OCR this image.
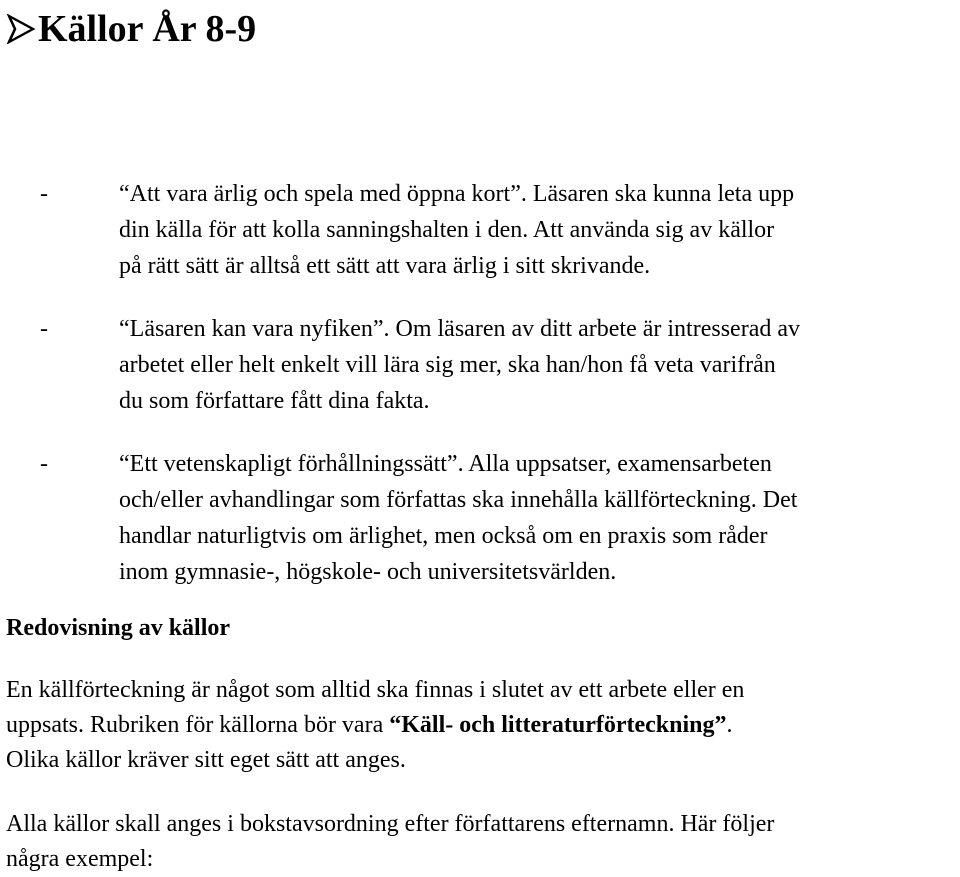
Källor År 8-9
-	“Att vara ärlig och spela med öppna kort”. Läsaren ska kunna leta upp
din källa för att kolla sanningshalten i den. Att använda sig av källor
på rätt sätt är alltså ett sätt att vara ärlig i sitt skrivande.
-	“Läsaren kan vara nyfiken”. Om läsaren av ditt arbete är intresserad av
arbetet eller helt enkelt vill lära sig mer, ska han/hon få veta varifrån
du som författare fått dina fakta.
-	“Ett vetenskapligt förhållningssätt”. Alla uppsatser, examensarbeten
och/eller avhandlingar som författas ska innehålla källförteckning. Det
handlar naturligtvis om ärlighet, men också om en praxis som råder
inom gymnasie-, högskole- och universitetsvärlden.
Redovisning av källor

En källförteckning är något som alltid ska finnas i slutet av ett arbete eller en
uppsats. Rubriken för källorna bör vara “Käll- och litteraturförteckning”.
Olika källor kräver sitt eget sätt att anges.

Alla källor skall anges i bokstavsordning efter författarens efternamn. Här följer
några exempel:
